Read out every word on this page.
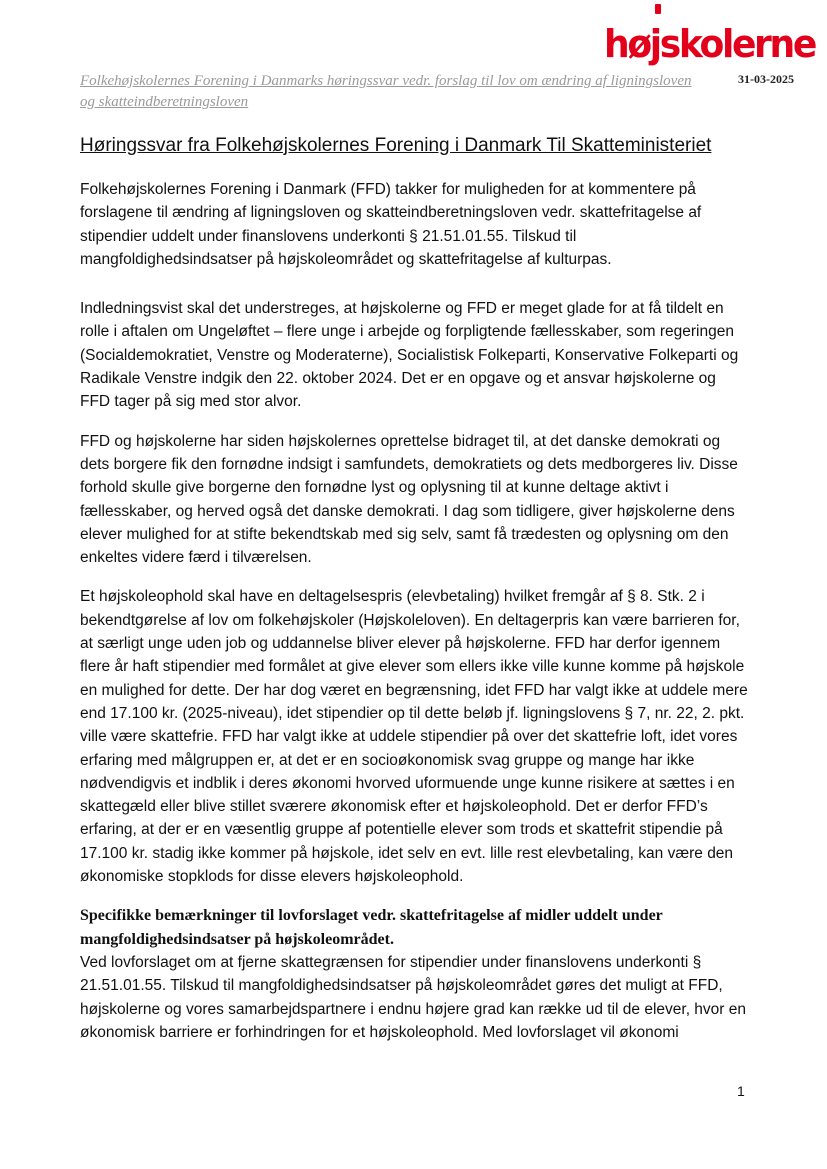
højskolerne
Folkehøjskolernes Forening i Danmarks høringssvar vedr. forslag til lov om ændring af ligningsloven og skatteindberetningsloven
31-03-2025
Høringssvar fra Folkehøjskolernes Forening i Danmark Til Skatteministeriet

Folkehøjskolernes Forening i Danmark (FFD) takker for muligheden for at kommentere på forslagene til ændring af ligningsloven og skatteindberetningsloven vedr. skattefritagelse af stipendier uddelt under finanslovens underkonti § 21.51.01.55. Tilskud til mangfoldighedsindsatser på højskoleområdet og skattefritagelse af kulturpas.

Indledningsvist skal det understreges, at højskolerne og FFD er meget glade for at få tildelt en rolle i aftalen om Ungeløftet – flere unge i arbejde og forpligtende fællesskaber, som regeringen (Socialdemokratiet, Venstre og Moderaterne), Socialistisk Folkeparti, Konservative Folkeparti og Radikale Venstre indgik den 22. oktober 2024. Det er en opgave og et ansvar højskolerne og FFD tager på sig med stor alvor.

FFD og højskolerne har siden højskolernes oprettelse bidraget til, at det danske demokrati og dets borgere fik den fornødne indsigt i samfundets, demokratiets og dets medborgeres liv. Disse forhold skulle give borgerne den fornødne lyst og oplysning til at kunne deltage aktivt i fællesskaber, og herved også det danske demokrati. I dag som tidligere, giver højskolerne dens elever mulighed for at stifte bekendtskab med sig selv, samt få trædesten og oplysning om den enkeltes videre færd i tilværelsen.

Et højskoleophold skal have en deltagelsespris (elevbetaling) hvilket fremgår af § 8. Stk. 2 i bekendtgørelse af lov om folkehøjskoler (Højskoleloven). En deltagerpris kan være barrieren for, at særligt unge uden job og uddannelse bliver elever på højskolerne. FFD har derfor igennem flere år haft stipendier med formålet at give elever som ellers ikke ville kunne komme på højskole en mulighed for dette. Der har dog været en begrænsning, idet FFD har valgt ikke at uddele mere end 17.100 kr. (2025-niveau), idet stipendier op til dette beløb jf. ligningslovens § 7, nr. 22, 2. pkt. ville være skattefrie. FFD har valgt ikke at uddele stipendier på over det skattefrie loft, idet vores erfaring med målgruppen er, at det er en socioøkonomisk svag gruppe og mange har ikke nødvendigvis et indblik i deres økonomi hvorved uformuende unge kunne risikere at sættes i en skattegæld eller blive stillet sværere økonomisk efter et højskoleophold. Det er derfor FFD’s erfaring, at der er en væsentlig gruppe af potentielle elever som trods et skattefrit stipendie på 17.100 kr. stadig ikke kommer på højskole, idet selv en evt. lille rest elevbetaling, kan være den økonomiske stopklods for disse elevers højskoleophold.

Specifikke bemærkninger til lovforslaget vedr. skattefritagelse af midler uddelt under mangfoldighedsindsatser på højskoleområdet.

Ved lovforslaget om at fjerne skattegrænsen for stipendier under finanslovens underkonti § 21.51.01.55. Tilskud til mangfoldighedsindsatser på højskoleområdet gøres det muligt at FFD, højskolerne og vores samarbejdspartnere i endnu højere grad kan række ud til de elever, hvor en økonomisk barriere er forhindringen for et højskoleophold. Med lovforslaget vil økonomi

1
